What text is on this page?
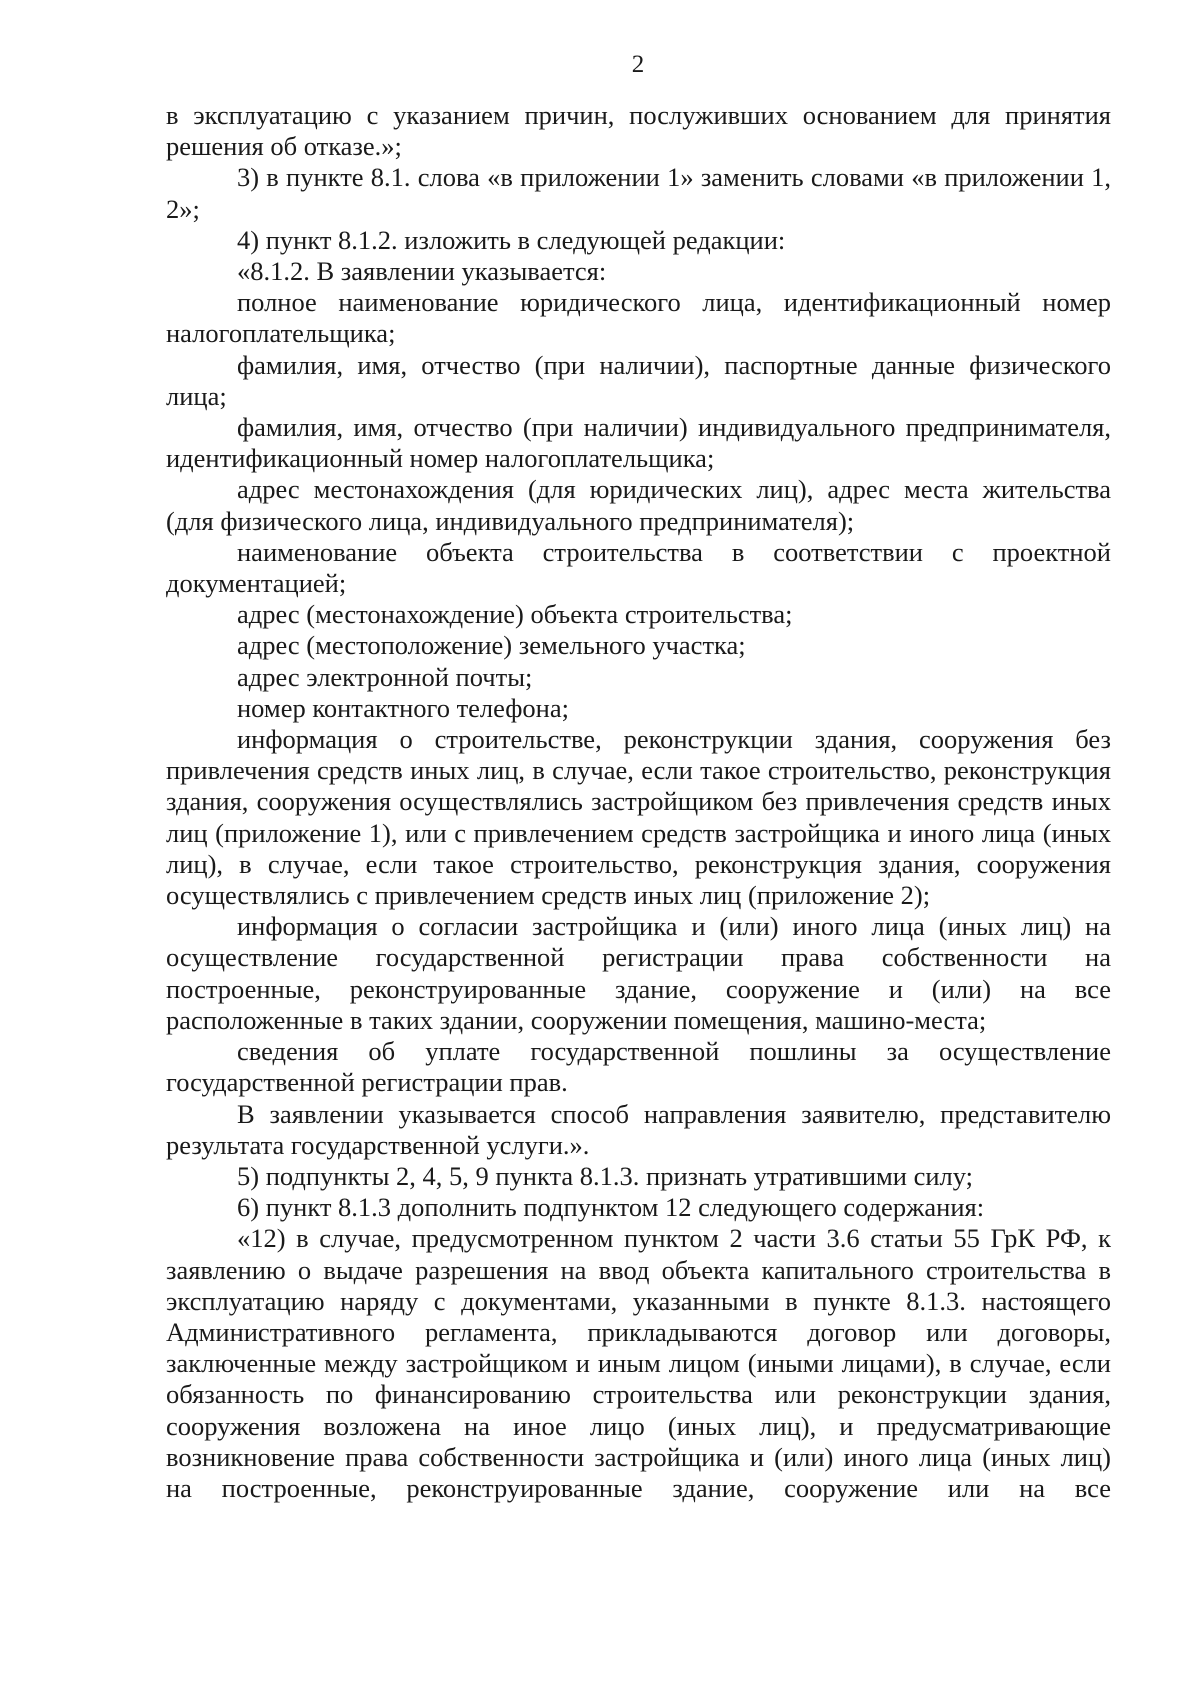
2

в эксплуатацию с указанием причин, послуживших основанием для принятия решения об отказе.»;

3) в пункте 8.1. слова «в приложении 1» заменить словами «в приложении 1, 2»;

4) пункт 8.1.2. изложить в следующей редакции:

«8.1.2. В заявлении указывается:

полное наименование юридического лица, идентификационный номер налогоплательщика;

фамилия, имя, отчество (при наличии), паспортные данные физического лица;

фамилия, имя, отчество (при наличии) индивидуального предпринимателя, идентификационный номер налогоплательщика;

адрес местонахождения (для юридических лиц), адрес места жительства (для физического лица, индивидуального предпринимателя);

наименование объекта строительства в соответствии с проектной документацией;

адрес (местонахождение) объекта строительства;

адрес (местоположение) земельного участка;

адрес электронной почты;

номер контактного телефона;

информация о строительстве, реконструкции здания, сооружения без привлечения средств иных лиц, в случае, если такое строительство, реконструкция здания, сооружения осуществлялись застройщиком без привлечения средств иных лиц (приложение 1), или с привлечением средств застройщика и иного лица (иных лиц), в случае, если такое строительство, реконструкция здания, сооружения осуществлялись с привлечением средств иных лиц (приложение 2);

информация о согласии застройщика и (или) иного лица (иных лиц) на осуществление государственной регистрации права собственности на построенные, реконструированные здание, сооружение и (или) на все расположенные в таких здании, сооружении помещения, машино-места;

сведения об уплате государственной пошлины за осуществление государственной регистрации прав.

В заявлении указывается способ направления заявителю, представителю результата государственной услуги.».

5) подпункты 2, 4, 5, 9 пункта 8.1.3. признать утратившими силу;

6) пункт 8.1.3 дополнить подпунктом 12 следующего содержания:

«12) в случае, предусмотренном пунктом 2 части 3.6 статьи 55 ГрК РФ, к заявлению о выдаче разрешения на ввод объекта капитального строительства в эксплуатацию наряду с документами, указанными в пункте 8.1.3. настоящего Административного регламента, прикладываются договор или договоры, заключенные между застройщиком и иным лицом (иными лицами), в случае, если обязанность по финансированию строительства или реконструкции здания, сооружения возложена на иное лицо (иных лиц), и предусматривающие возникновение права собственности застройщика и (или) иного лица (иных лиц) на построенные, реконструированные здание, сооружение или на все
